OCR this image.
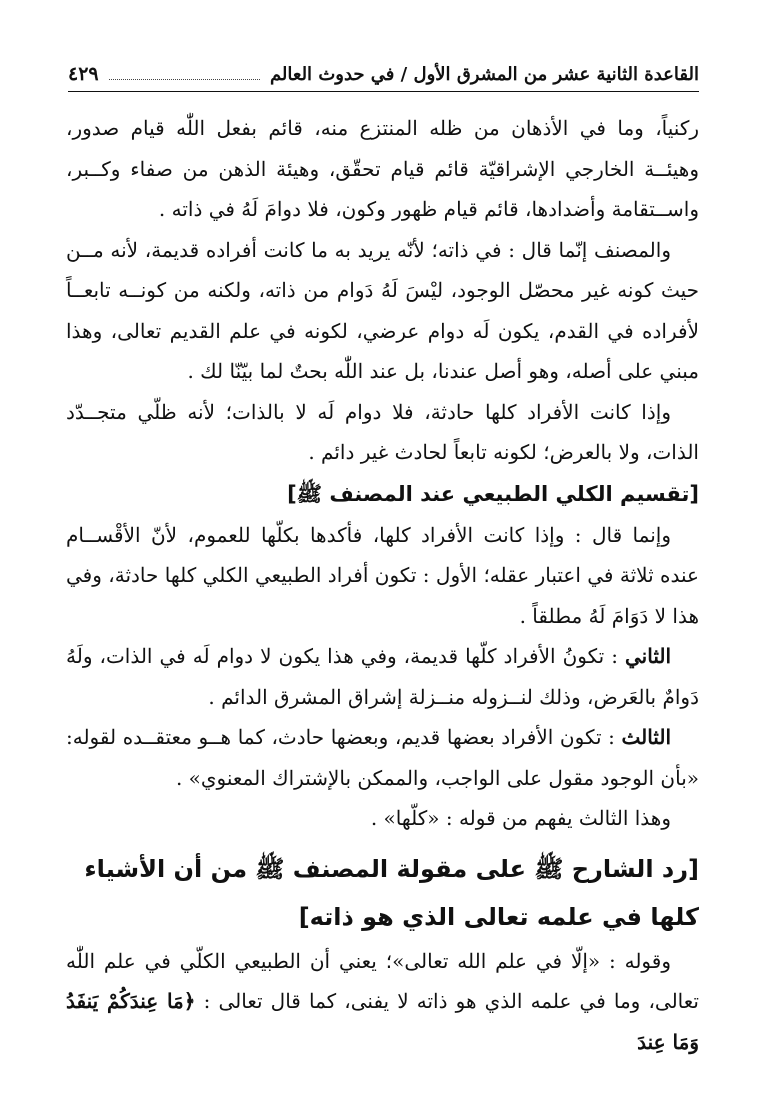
القاعدة الثانية عشر من المشرق الأول / في حدوث العالم
٤٢٩

ركنياً، وما في الأذهان من ظله المنتزع منه، قائم بفعل اللّٰه قيام صدور، وهيئــة الخارجي الإشراقيّة قائم قيام تحقّق، وهيئة الذهن من صفاء وكــبر، واســتقامة وأضدادها، قائم قيام ظهور وكون، فلا دوامَ لَهُ في ذاته .

والمصنف إنّما قال : في ذاته؛ لأنّه يريد به ما كانت أفراده قديمة، لأنه مــن حيث كونه غير محصّل الوجود، ليْسَ لَهُ دَوام من ذاته، ولكنه من كونــه تابعــاً لأفراده في القدم، يكون لَه دوام عرضي، لكونه في علم القديم تعالى، وهذا مبني على أصله، وهو أصل عندنا، بل عند اللّٰه بحتٌ لما بيّنّا لك .

وإذا كانت الأفراد كلها حادثة، فلا دوام لَه لا بالذات؛ لأنه ظلّي متجــدّد الذات، ولا بالعرض؛ لكونه تابعاً لحادث غير دائم .

[تقسيم الكلي الطبيعي عند المصنف ﷺ]

وإنما قال : وإذا كانت الأفراد كلها، فأكدها بكلّها للعموم، لأنّ الأقْســام عنده ثلاثة في اعتبار عقله؛ الأول : تكون أفراد الطبيعي الكلي كلها حادثة، وفي هذا لا دَوَامَ لَهُ مطلقاً .

الثاني : تكونُ الأفراد كلّها قديمة، وفي هذا يكون لا دوام لَه في الذات، ولَهُ دَوامٌ بالعَرض، وذلك لنــزوله منــزلة إشراق المشرق الدائم .

الثالث : تكون الأفراد بعضها قديم، وبعضها حادث، كما هــو معتقــده لقوله: «بأن الوجود مقول على الواجب، والممكن بالإشتراك المعنوي» .

وهذا الثالث يفهم من قوله : «كلّها» .

[رد الشارح ﷺ على مقولة المصنف ﷺ من أن الأشياء كلها في علمه تعالى الذي هو ذاته]

وقوله : «إلّا في علم الله تعالى»؛ يعني أن الطبيعي الكلّي في علم اللّٰه تعالى، وما في علمه الذي هو ذاته لا يفنى، كما قال تعالى : ﴿مَا عِندَكُمْ يَنفَدُ وَمَا عِندَ
